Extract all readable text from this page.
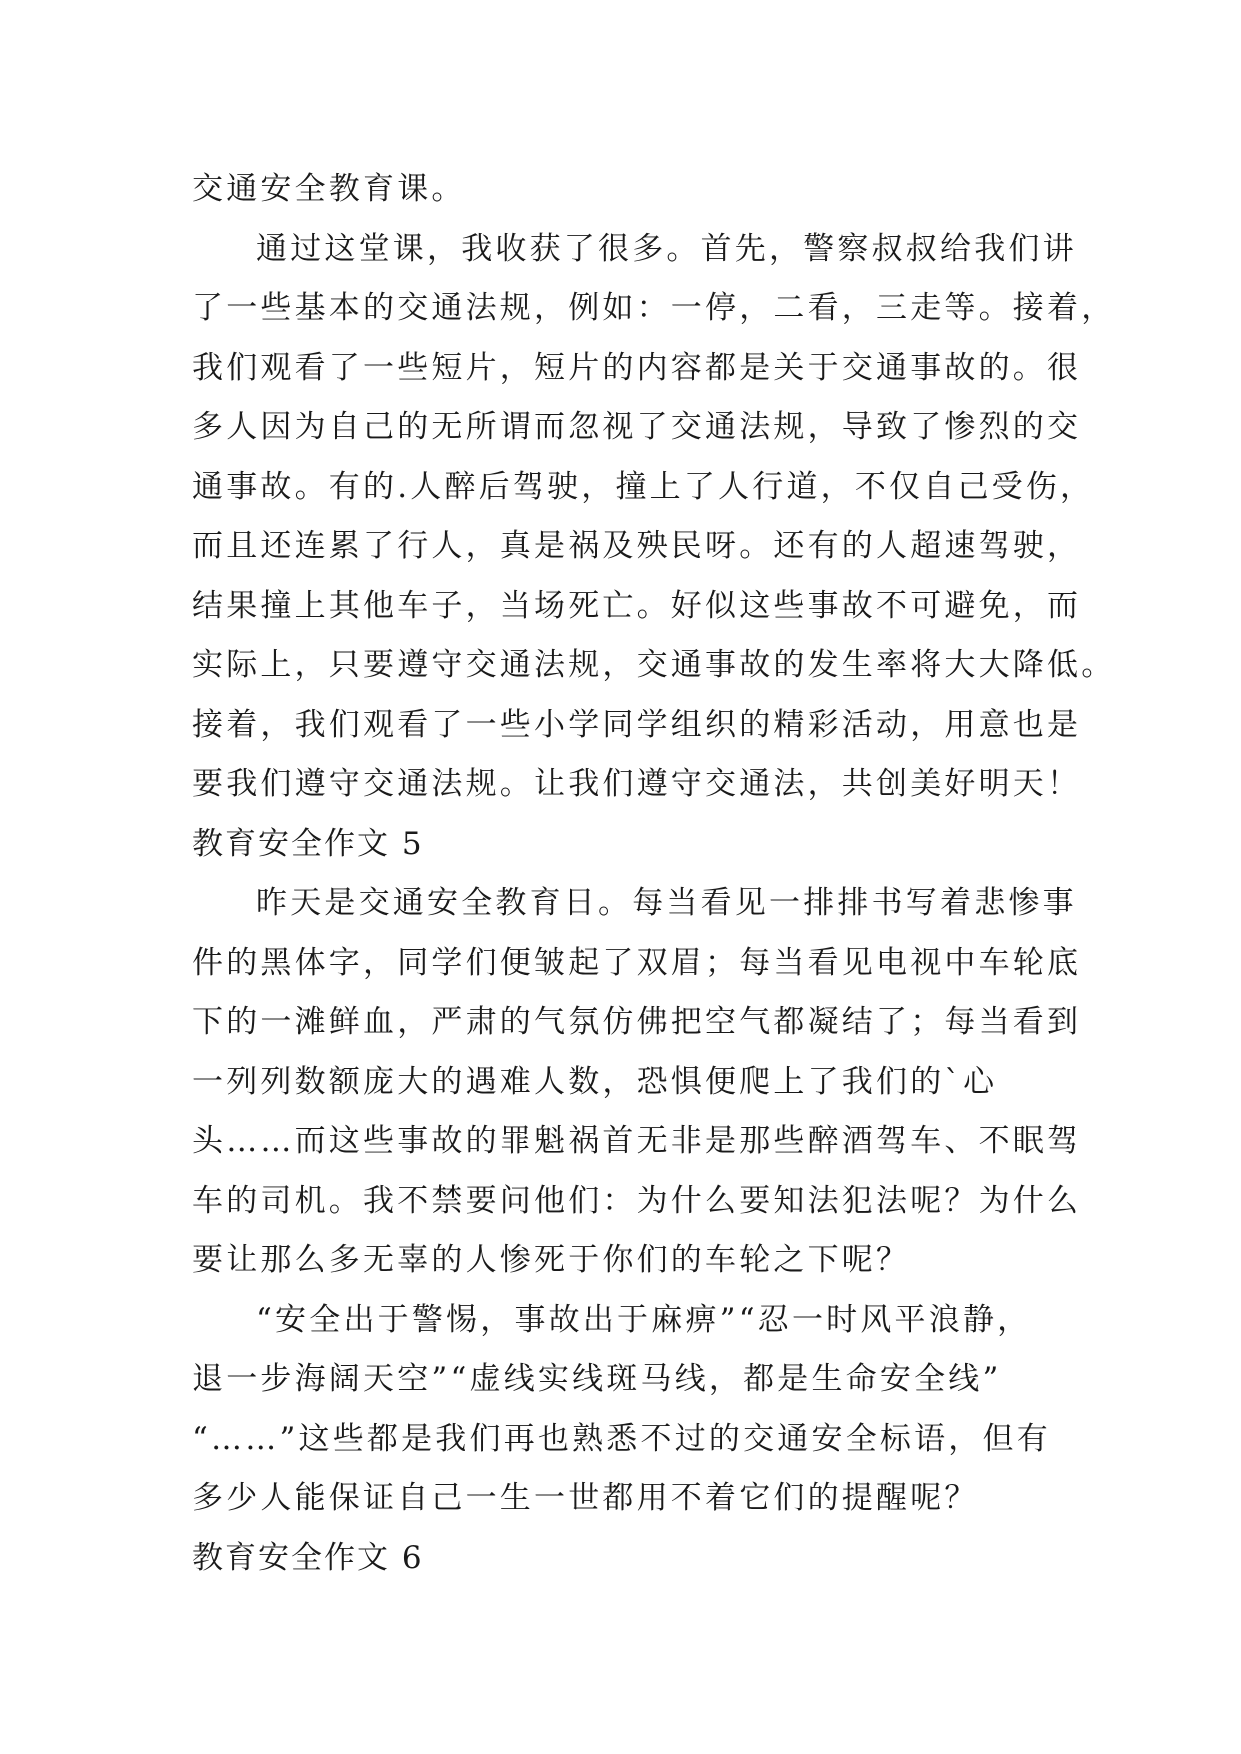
交通安全教育课。

通过这堂课，我收获了很多。首先，警察叔叔给我们讲

了一些基本的交通法规，例如：一停，二看，三走等。接着，

我们观看了一些短片，短片的内容都是关于交通事故的。很

多人因为自己的无所谓而忽视了交通法规，导致了惨烈的交

通事故。有的.人醉后驾驶，撞上了人行道，不仅自己受伤，

而且还连累了行人，真是祸及殃民呀。还有的人超速驾驶，

结果撞上其他车子，当场死亡。好似这些事故不可避免，而

实际上，只要遵守交通法规，交通事故的发生率将大大降低。

接着，我们观看了一些小学同学组织的精彩活动，用意也是

要我们遵守交通法规。让我们遵守交通法，共创美好明天！

教育安全作文 5

昨天是交通安全教育日。每当看见一排排书写着悲惨事

件的黑体字，同学们便皱起了双眉；每当看见电视中车轮底

下的一滩鲜血，严肃的气氛仿佛把空气都凝结了；每当看到

一列列数额庞大的遇难人数，恐惧便爬上了我们的`心

头……而这些事故的罪魁祸首无非是那些醉酒驾车、不眠驾

车的司机。我不禁要问他们：为什么要知法犯法呢？为什么

要让那么多无辜的人惨死于你们的车轮之下呢？

“安全出于警惕，事故出于麻痹”“忍一时风平浪静，

退一步海阔天空”“虚线实线斑马线，都是生命安全线”

“……”这些都是我们再也熟悉不过的交通安全标语，但有

多少人能保证自己一生一世都用不着它们的提醒呢？

教育安全作文 6
